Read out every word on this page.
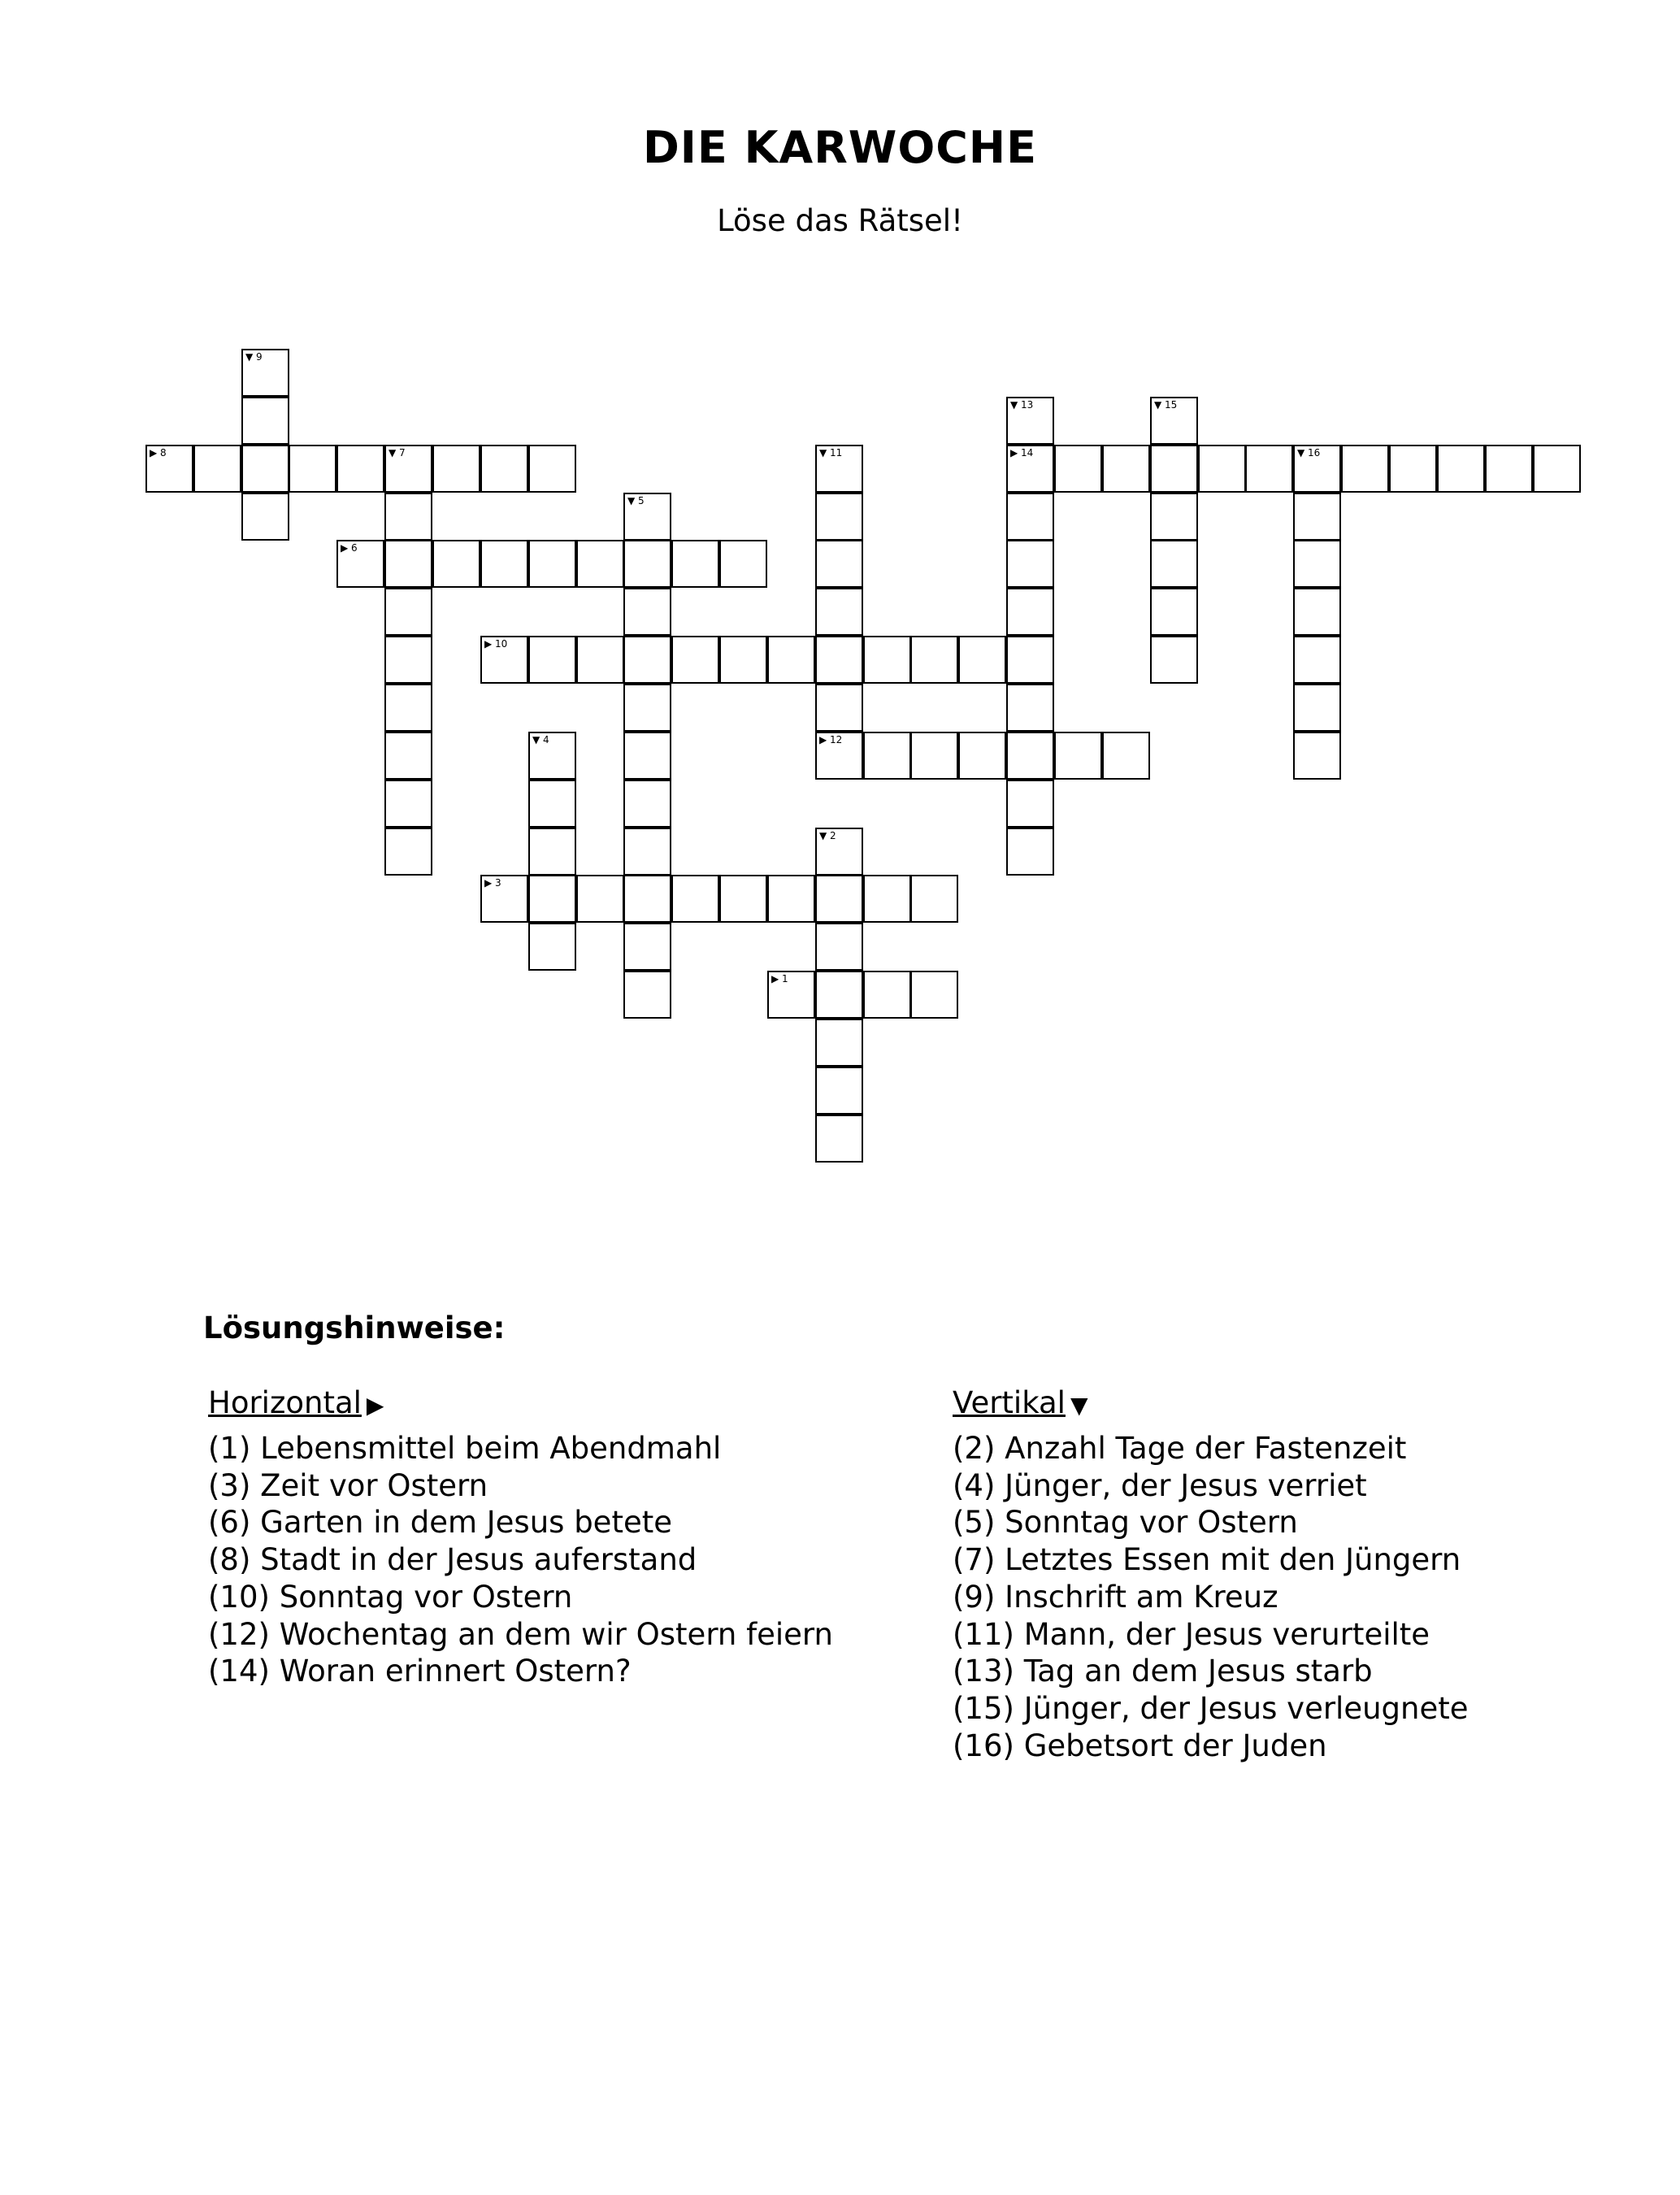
DIE KARWOCHE

Löse das Rätsel!

▶ 1
▼ 2
▶ 3
▼ 4
▼ 5
▶ 6
▼ 7
▶ 8
▼ 9
▶ 10
▼ 11
▶ 12
▼ 13
▶ 14	▼ 16
▼ 15
Lösungshinweise:
Horizontal ▶
(1) Lebensmittel beim Abendmahl
(3) Zeit vor Ostern
(6) Garten in dem Jesus betete
(8) Stadt in der Jesus auferstand
(10) Sonntag vor Ostern
(12) Wochentag an dem wir Ostern feiern
(14) Woran erinnert Ostern?
Vertikal ▼
(2) Anzahl Tage der Fastenzeit
(4) Jünger, der Jesus verriet
(5) Sonntag vor Ostern
(7) Letztes Essen mit den Jüngern
(9) Inschrift am Kreuz
(11) Mann, der Jesus verurteilte
(13) Tag an dem Jesus starb
(15) Jünger, der Jesus verleugnete
(16) Gebetsort der Juden
